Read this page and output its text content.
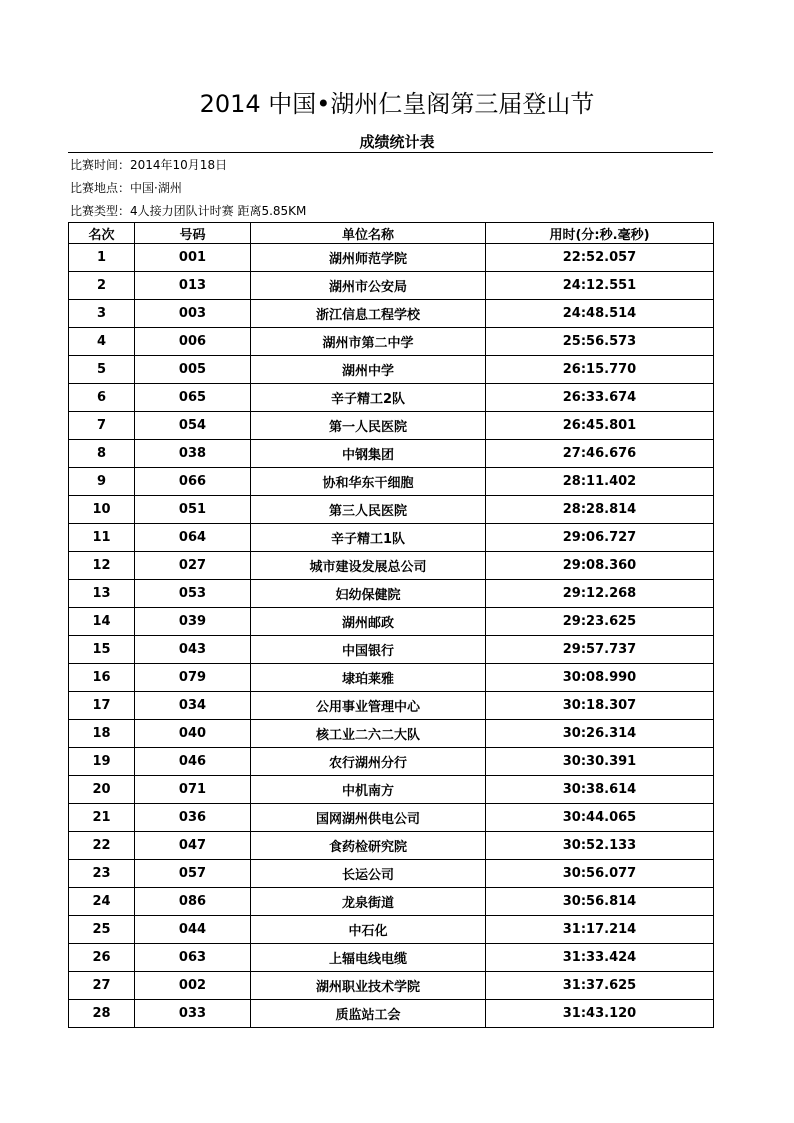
2014 中国•湖州仁皇阁第三届登山节
成绩统计表
比赛时间：2014年10月18日
比赛地点：中国·湖州
比赛类型：4人接力团队计时赛 距离5.85KM
名次	号码	单位名称	用时(分:秒.毫秒)
1	001	湖州师范学院	22:52.057
2	013	湖州市公安局	24:12.551
3	003	浙江信息工程学校	24:48.514
4	006	湖州市第二中学	25:56.573
5	005	湖州中学	26:15.770
6	065	辛子精工2队	26:33.674
7	054	第一人民医院	26:45.801
8	038	中钢集团	27:46.676
9	066	协和华东干细胞	28:11.402
10	051	第三人民医院	28:28.814
11	064	辛子精工1队	29:06.727
12	027	城市建设发展总公司	29:08.360
13	053	妇幼保健院	29:12.268
14	039	湖州邮政	29:23.625
15	043	中国银行	29:57.737
16	079	埭珀莱雅	30:08.990
17	034	公用事业管理中心	30:18.307
18	040	核工业二六二大队	30:26.314
19	046	农行湖州分行	30:30.391
20	071	中机南方	30:38.614
21	036	国网湖州供电公司	30:44.065
22	047	食药检研究院	30:52.133
23	057	长运公司	30:56.077
24	086	龙泉街道	30:56.814
25	044	中石化	31:17.214
26	063	上辐电线电缆	31:33.424
27	002	湖州职业技术学院	31:37.625
28	033	质监站工会	31:43.120
